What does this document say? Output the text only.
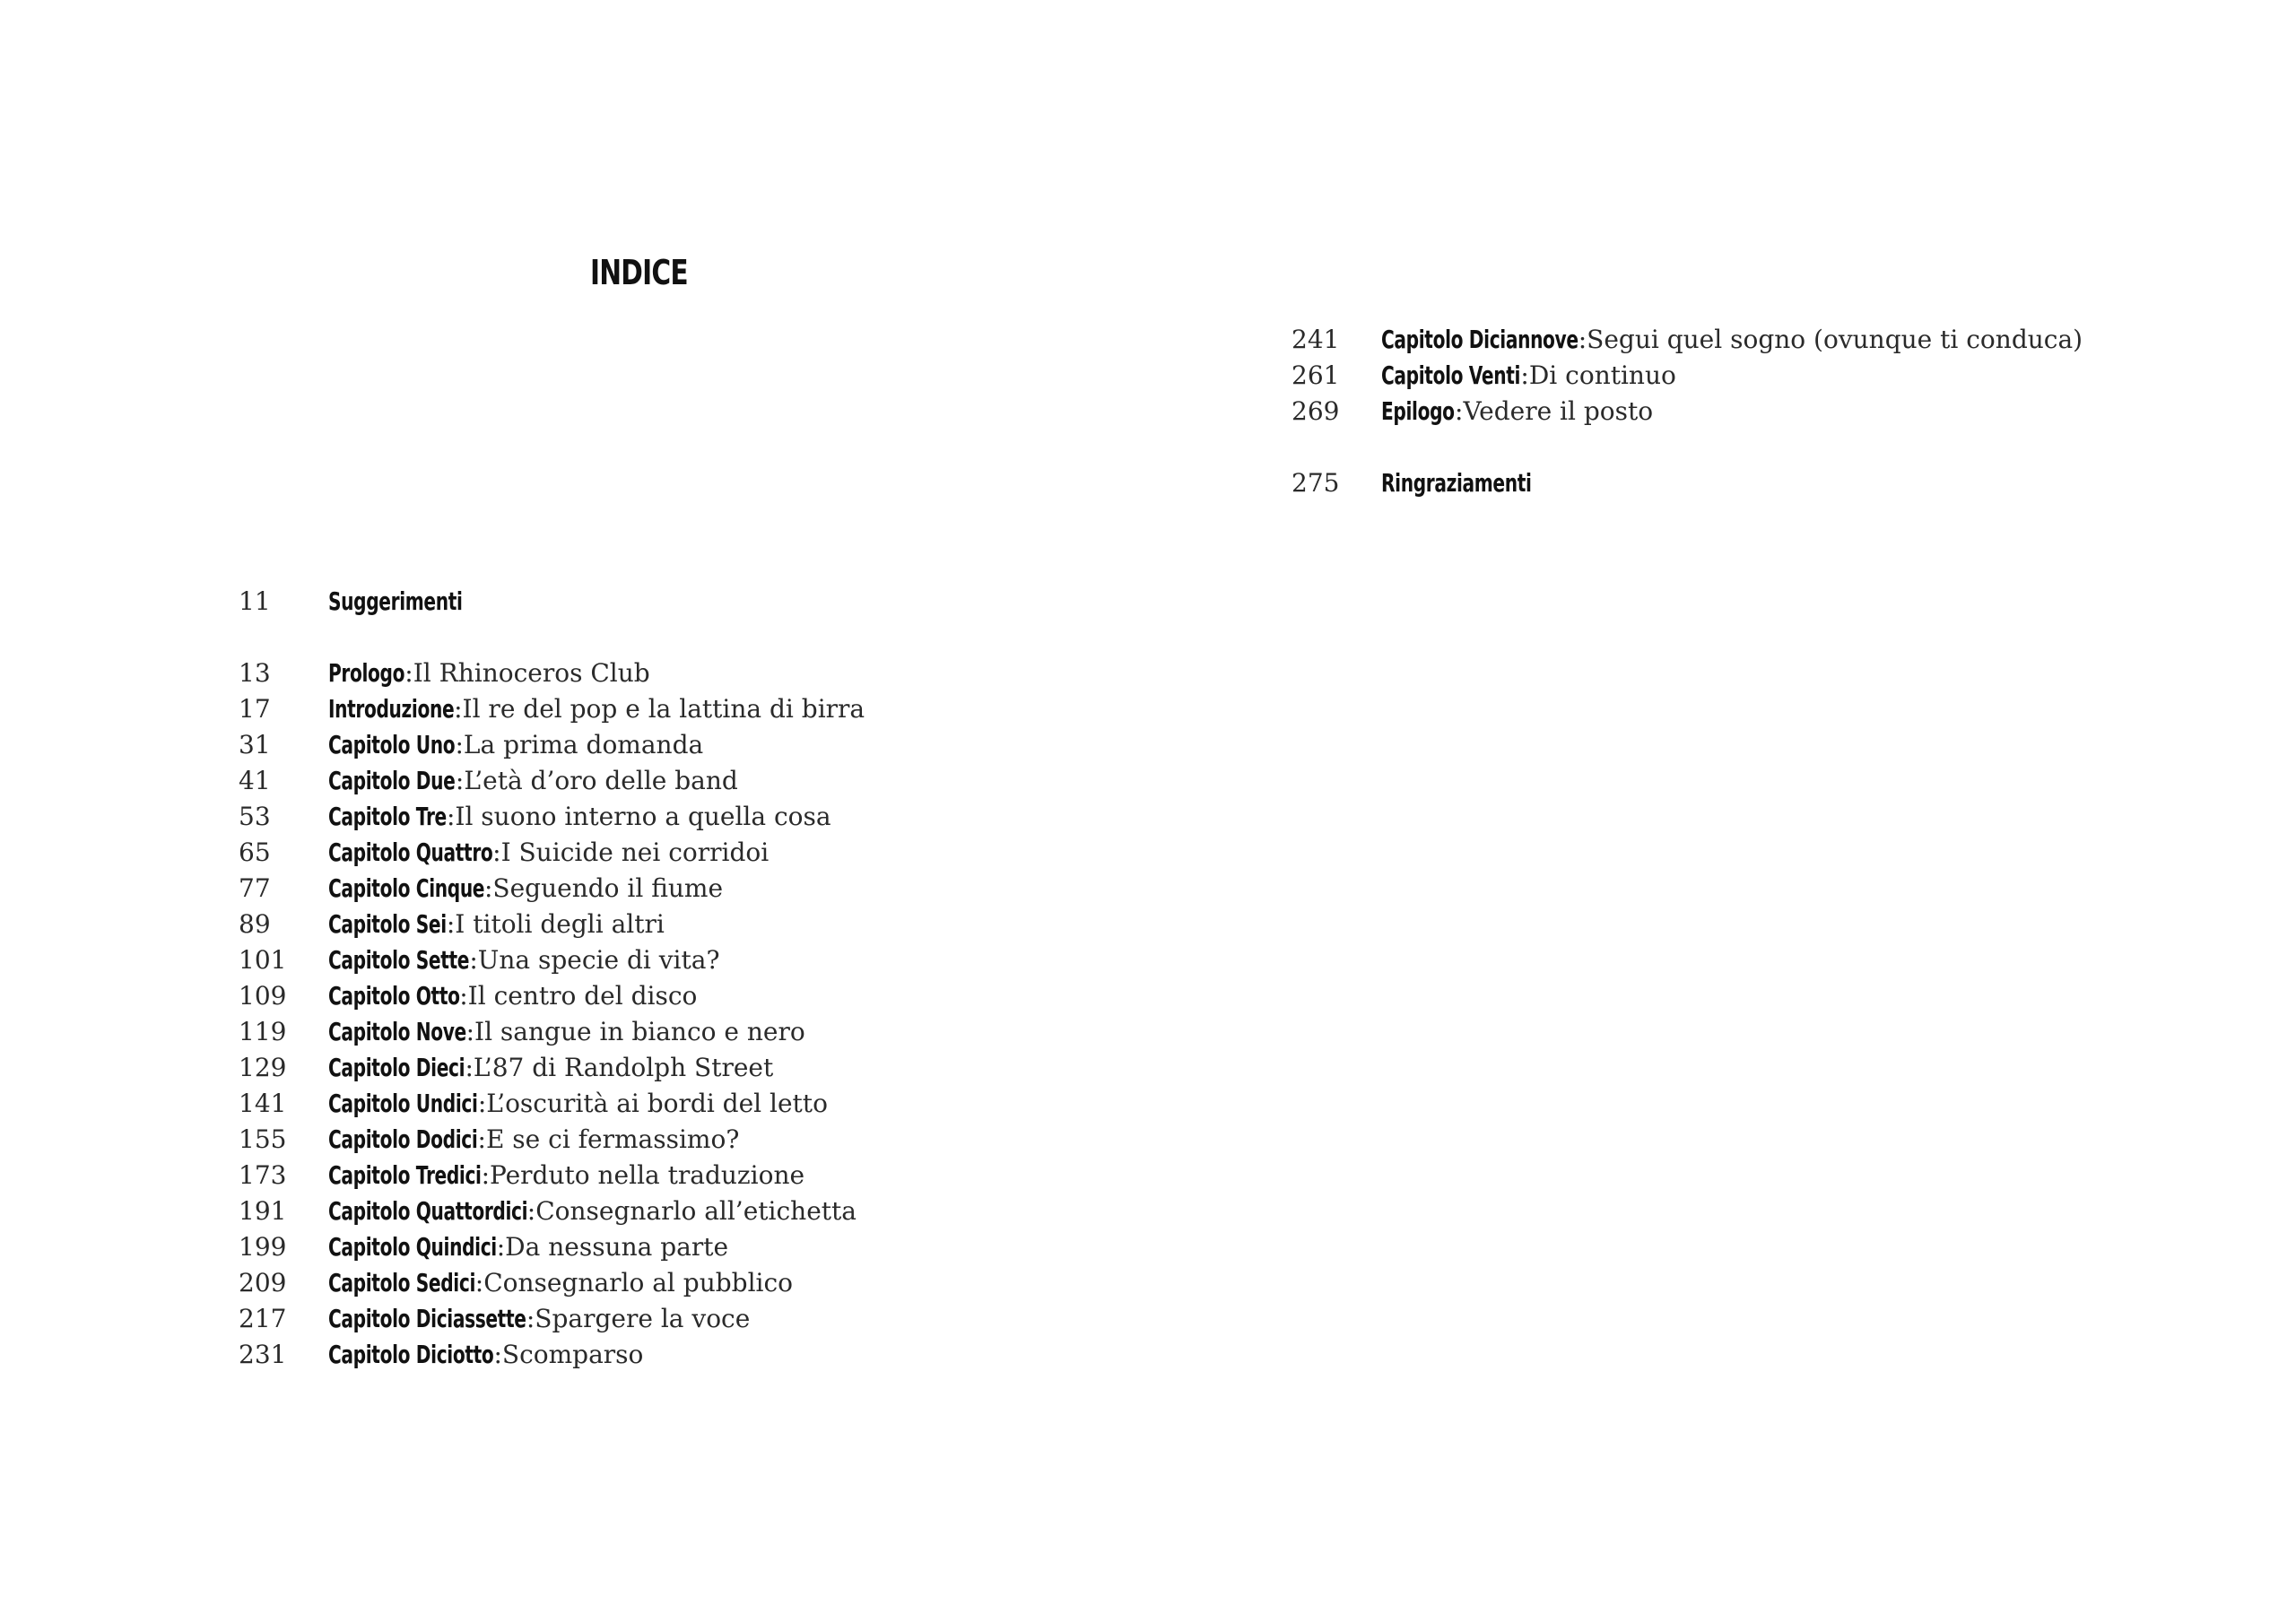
INDICE
11	Suggerimenti
13	Prologo : Il Rhinoceros Club
17	Introduzione : Il re del pop e la lattina di birra
31	Capitolo Uno : La prima domanda
41	Capitolo Due : L’età d’oro delle band
53	Capitolo Tre : Il suono interno a quella cosa
65	Capitolo Quattro : I Suicide nei corridoi
77	Capitolo Cinque : Seguendo il fiume
89	Capitolo Sei : I titoli degli altri
101	Capitolo Sette : Una specie di vita?
109	Capitolo Otto : Il centro del disco
119	Capitolo Nove : Il sangue in bianco e nero
129	Capitolo Dieci : L’87 di Randolph Street
141	Capitolo Undici : L’oscurità ai bordi del letto
155	Capitolo Dodici : E se ci fermassimo?
173	Capitolo Tredici : Perduto nella traduzione
191	Capitolo Quattordici : Consegnarlo all’etichetta
199	Capitolo Quindici : Da nessuna parte
209	Capitolo Sedici : Consegnarlo al pubblico
217	Capitolo Diciassette : Spargere la voce
231	Capitolo Diciotto : Scomparso
241	Capitolo Diciannove : Segui quel sogno (ovunque ti conduca)
261	Capitolo Venti : Di continuo
269	Epilogo : Vedere il posto
275	Ringraziamenti
